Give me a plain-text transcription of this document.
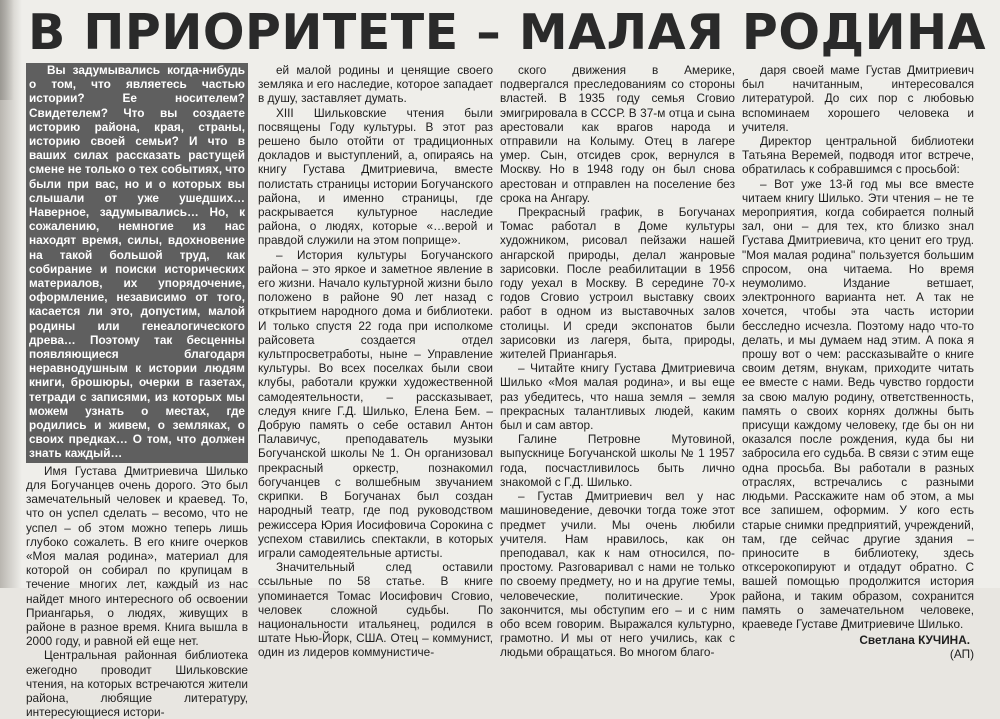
В ПРИОРИТЕТЕ – МАЛАЯ РОДИНА

Вы задумывались когда-нибудь о том, что являетесь частью истории? Ее носителем? Свидетелем? Что вы создаете историю района, края, страны, историю своей семьи? И что в ваших силах рассказать растущей смене не только о тех событиях, что были при вас, но и о которых вы слышали от уже ушедших… Наверное, задумывались… Но, к сожалению, немногие из нас находят время, силы, вдохновение на такой большой труд, как собирание и поиски исторических материалов, их упорядочение, оформление, независимо от того, касается ли это, допустим, малой родины или генеалогического древа… Поэтому так бесценны появляющиеся благодаря неравнодушным к истории людям книги, брошюры, очерки в газетах, тетради с записями, из которых мы можем узнать о местах, где родились и живем, о земляках, о своих предках… О том, что должен знать каждый…

Имя Густава Дмитриевича Шилько для Богучанцев очень дорого. Это был замечательный человек и краевед. То, что он успел сделать – весомо, что не успел – об этом можно теперь лишь глубоко сожалеть. В его книге очерков «Моя малая родина», материал для которой он собирал по крупицам в течение многих лет, каждый из нас найдет много интересного об освоении Приангарья, о людях, живущих в районе в разное время. Книга вышла в 2000 году, и равной ей еще нет.

Центральная районная библиотека ежегодно проводит Шильковские чтения, на которых встречаются жители района, любящие литературу, интересующиеся истори-

ей малой родины и ценящие своего земляка и его наследие, которое западает в душу, заставляет думать.

XIII Шильковские чтения были посвящены Году культуры. В этот раз решено было отойти от традиционных докладов и выступлений, а, опираясь на книгу Густава Дмитриевича, вместе полистать страницы истории Богучанского района, и именно страницы, где раскрывается культурное наследие района, о людях, которые «…верой и правдой служили на этом поприще».

– История культуры Богучанского района – это яркое и заметное явление в его жизни. Начало культурной жизни было положено в районе 90 лет назад с открытием народного дома и библиотеки. И только спустя 22 года при исполкоме райсовета создается отдел культпросветработы, ныне – Управление культуры. Во всех поселках были свои клубы, работали кружки художественной самодеятельности, – рассказывает, следуя книге Г.Д. Шилько, Елена Бем. – Добрую память о себе оставил Антон Палавичус, преподаватель музыки Богучанской школы № 1. Он организовал прекрасный оркестр, познакомил богучанцев с волшебным звучанием скрипки. В Богучанах был создан народный театр, где под руководством режиссера Юрия Иосифовича Сорокина с успехом ставились спектакли, в которых играли самодеятельные артисты.

Значительный след оставили ссыльные по 58 статье. В книге упоминается Томас Иосифович Сговио, человек сложной судьбы. По национальности итальянец, родился в штате Нью-Йорк, США. Отец – коммунист, один из лидеров коммунистиче-

ского движения в Америке, подвергался преследованиям со стороны властей. В 1935 году семья Сговио эмигрировала в СССР. В 37-м отца и сына арестовали как врагов народа и отправили на Колыму. Отец в лагере умер. Сын, отсидев срок, вернулся в Москву. Но в 1948 году он был снова арестован и отправлен на поселение без срока на Ангару.

Прекрасный график, в Богучанах Томас работал в Доме культуры художником, рисовал пейзажи нашей ангарской природы, делал жанровые зарисовки. После реабилитации в 1956 году уехал в Москву. В середине 70-х годов Сговио устроил выставку своих работ в одном из выставочных залов столицы. И среди экспонатов были зарисовки из лагеря, быта, природы, жителей Приангарья.

– Читайте книгу Густава Дмитриевича Шилько «Моя малая родина», и вы еще раз убедитесь, что наша земля – земля прекрасных талантливых людей, каким был и сам автор.

Галине Петровне Мутовиной, выпускнице Богучанской школы № 1 1957 года, посчастливилось быть лично знакомой с Г.Д. Шилько.

– Густав Дмитриевич вел у нас машиноведение, девочки тогда тоже этот предмет учили. Мы очень любили учителя. Нам нравилось, как он преподавал, как к нам относился, по-простому. Разговаривал с нами не только по своему предмету, но и на другие темы, человеческие, политические. Урок закончится, мы обступим его – и с ним обо всем говорим. Выражался культурно, грамотно. И мы от него учились, как с людьми обращаться. Во многом благо-

даря своей маме Густав Дмитриевич был начитанным, интересовался литературой. До сих пор с любовью вспоминаем хорошего человека и учителя.

Директор центральной библиотеки Татьяна Веремей, подводя итог встрече, обратилась к собравшимся с просьбой:

– Вот уже 13-й год мы все вместе читаем книгу Шилько. Эти чтения – не те мероприятия, когда собирается полный зал, они – для тех, кто близко знал Густава Дмитриевича, кто ценит его труд. "Моя малая родина" пользуется большим спросом, она читаема. Но время неумолимо. Издание ветшает, электронного варианта нет. А так не хочется, чтобы эта часть истории бесследно исчезла. Поэтому надо что-то делать, и мы думаем над этим. А пока я прошу вот о чем: рассказывайте о книге своим детям, внукам, приходите читать ее вместе с нами. Ведь чувство гордости за свою малую родину, ответственность, память о своих корнях должны быть присущи каждому человеку, где бы он ни оказался после рождения, куда бы ни забросила его судьба. В связи с этим еще одна просьба. Вы работали в разных отраслях, встречались с разными людьми. Расскажите нам об этом, а мы все запишем, оформим. У кого есть старые снимки предприятий, учреждений, там, где сейчас другие здания – приносите в библиотеку, здесь отксерокопируют и отдадут обратно. С вашей помощью продолжится история района, и таким образом, сохранится память о замечательном человеке, краеведе Густаве Дмитриевиче Шилько.

Светлана КУЧИНА.

(АП)
